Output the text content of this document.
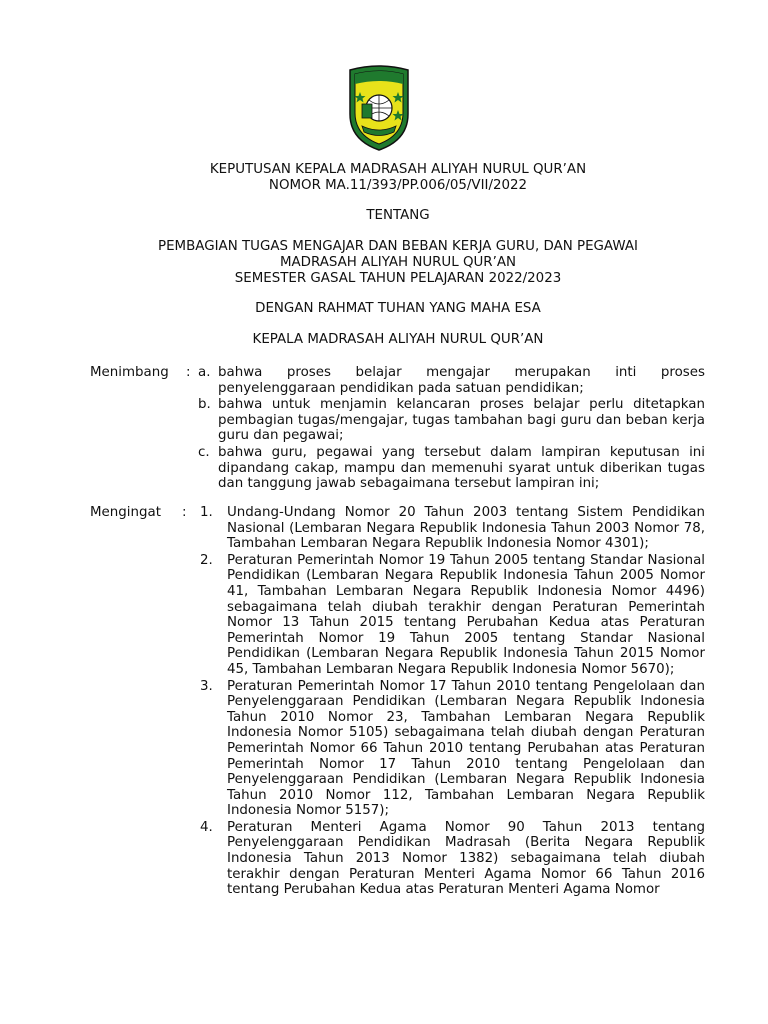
KEPUTUSAN KEPALA MADRASAH ALIYAH NURUL QUR’AN
NOMOR MA.11/393/PP.006/05/VII/2022
TENTANG
PEMBAGIAN TUGAS MENGAJAR DAN BEBAN KERJA GURU, DAN PEGAWAI
MADRASAH ALIYAH NURUL QUR’AN
SEMESTER GASAL TAHUN PELAJARAN 2022/2023
DENGAN RAHMAT TUHAN YANG MAHA ESA
KEPALA MADRASAH ALIYAH NURUL QUR’AN
Menimbang	: a. bahwa proses belajar mengajar merupakan inti proses penyelenggaraan pendidikan pada satuan pendidikan;
b. bahwa untuk menjamin kelancaran proses belajar perlu ditetapkan pembagian tugas/mengajar, tugas tambahan bagi guru dan beban kerja guru dan pegawai;
c. bahwa guru, pegawai yang tersebut dalam lampiran keputusan ini dipandang cakap, mampu dan memenuhi syarat untuk diberikan tugas dan tanggung jawab sebagaimana tersebut lampiran ini;
Mengingat	:	1.	Undang-Undang Nomor 20 Tahun 2003 tentang Sistem Pendidikan Nasional (Lembaran Negara Republik Indonesia Tahun 2003 Nomor 78, Tambahan Lembaran Negara Republik Indonesia Nomor 4301);
2.	Peraturan Pemerintah Nomor 19 Tahun 2005 tentang Standar Nasional Pendidikan (Lembaran Negara Republik Indonesia Tahun 2005 Nomor 41, Tambahan Lembaran Negara Republik Indonesia Nomor 4496) sebagaimana telah diubah terakhir dengan Peraturan Pemerintah Nomor 13 Tahun 2015 tentang Perubahan Kedua atas Peraturan Pemerintah Nomor 19 Tahun 2005 tentang Standar Nasional Pendidikan (Lembaran Negara Republik Indonesia Tahun 2015 Nomor 45, Tambahan Lembaran Negara Republik Indonesia Nomor 5670);
3.	Peraturan Pemerintah Nomor 17 Tahun 2010 tentang Pengelolaan dan Penyelenggaraan Pendidikan (Lembaran Negara Republik Indonesia Tahun 2010 Nomor 23, Tambahan Lembaran Negara Republik Indonesia Nomor 5105) sebagaimana telah diubah dengan Peraturan Pemerintah Nomor 66 Tahun 2010 tentang Perubahan atas Peraturan Pemerintah Nomor 17 Tahun 2010 tentang Pengelolaan dan Penyelenggaraan Pendidikan (Lembaran Negara Republik Indonesia Tahun 2010 Nomor 112, Tambahan Lembaran Negara Republik Indonesia Nomor 5157);
4.	Peraturan Menteri Agama Nomor 90 Tahun 2013 tentang Penyelenggaraan Pendidikan Madrasah (Berita Negara Republik Indonesia Tahun 2013 Nomor 1382) sebagaimana telah diubah terakhir dengan Peraturan Menteri Agama Nomor 66 Tahun 2016 tentang Perubahan Kedua atas Peraturan Menteri Agama Nomor
